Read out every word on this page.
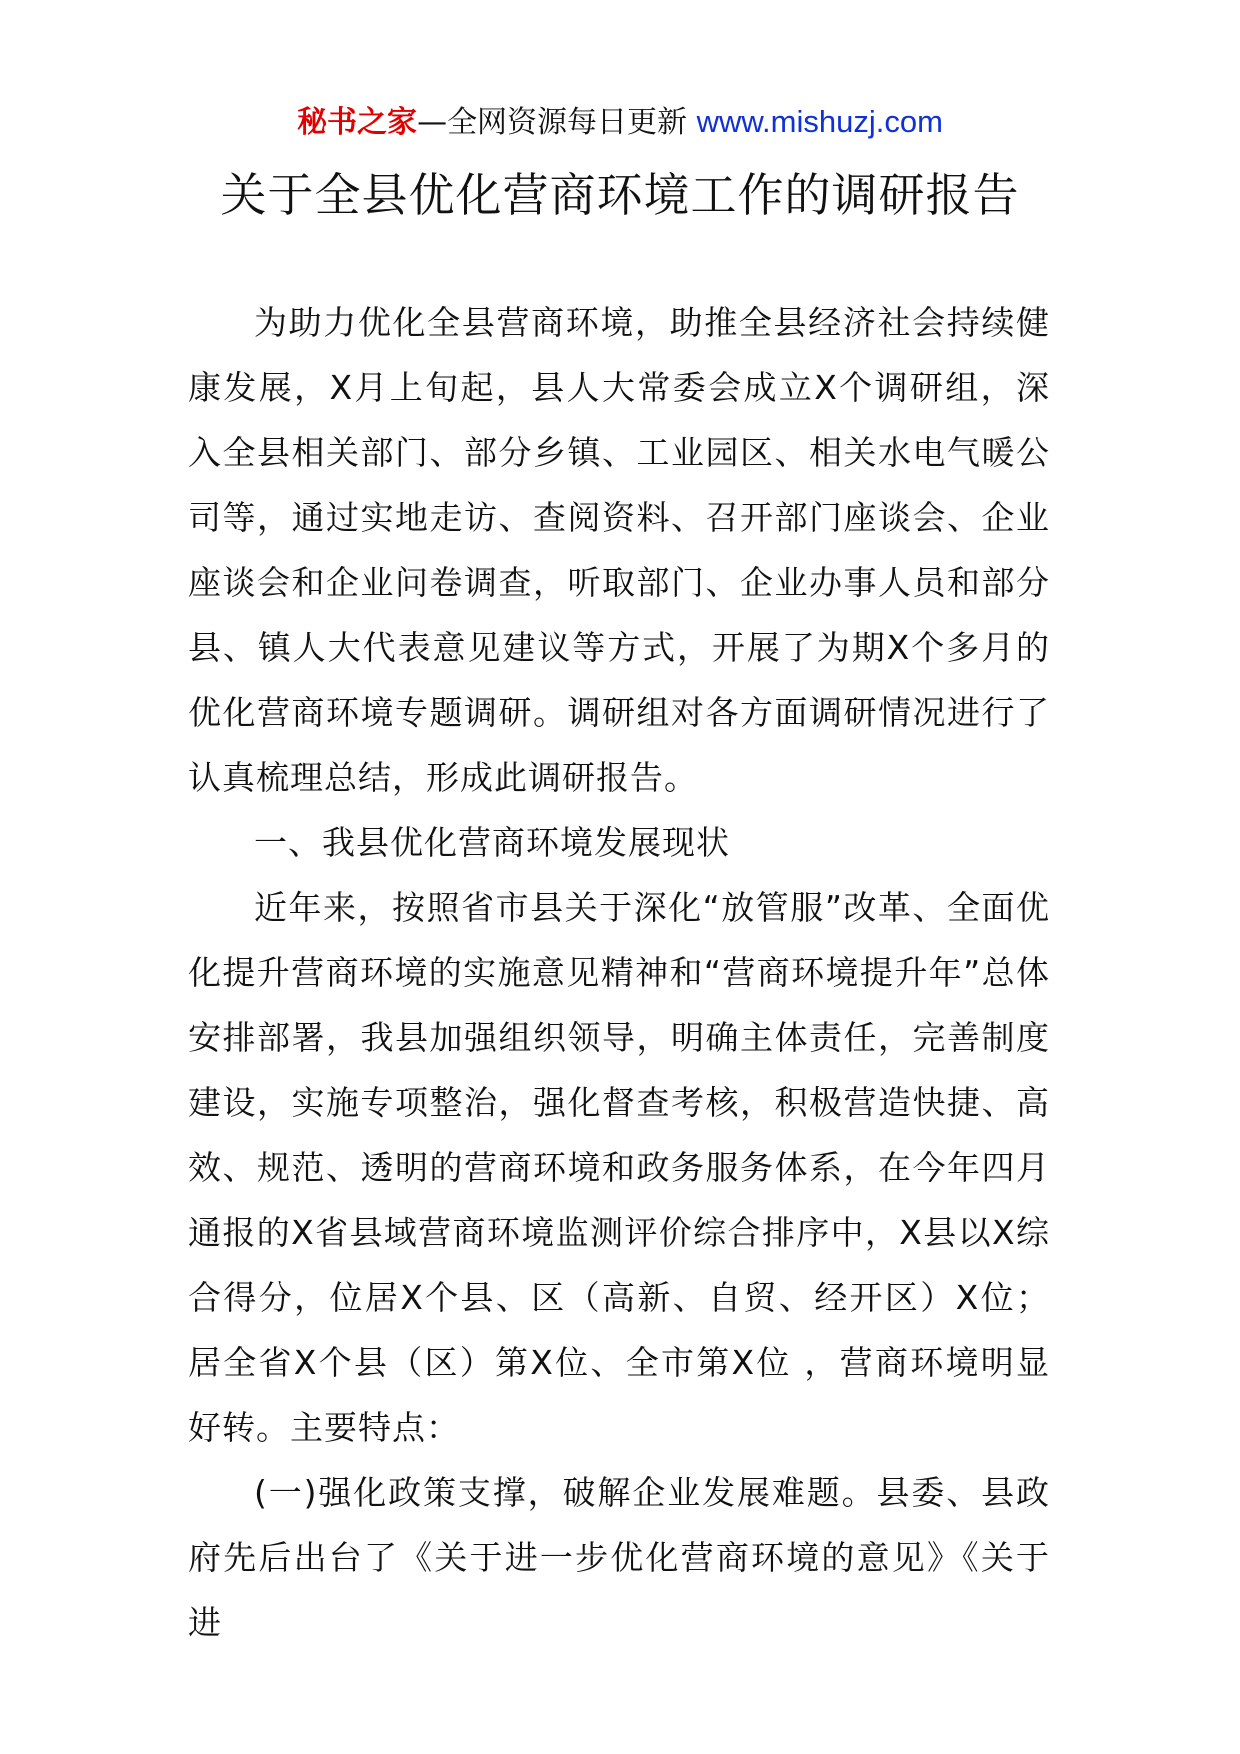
秘书之家—全网资源每日更新 www.mishuzj.com
关于全县优化营商环境工作的调研报告

为助力优化全县营商环境，助推全县经济社会持续健康发展，X月上旬起，县人大常委会成立X个调研组，深入全县相关部门、部分乡镇、工业园区、相关水电气暖公司等，通过实地走访、查阅资料、召开部门座谈会、企业座谈会和企业问卷调查，听取部门、企业办事人员和部分县、镇人大代表意见建议等方式，开展了为期X个多月的优化营商环境专题调研。调研组对各方面调研情况进行了认真梳理总结，形成此调研报告。

一、我县优化营商环境发展现状

近年来，按照省市县关于深化“放管服”改革、全面优化提升营商环境的实施意见精神和“营商环境提升年”总体安排部署，我县加强组织领导，明确主体责任，完善制度建设，实施专项整治，强化督查考核，积极营造快捷、高效、规范、透明的营商环境和政务服务体系，在今年四月通报的X省县域营商环境监测评价综合排序中，X县以X综合得分，位居X个县、区（高新、自贸、经开区）X位；居全省X个县（区）第X位、全市第X位 ，营商环境明显好转。主要特点：

(一)强化政策支撑，破解企业发展难题。县委、县政府先后出台了《关于进一步优化营商环境的意见》《关于进
